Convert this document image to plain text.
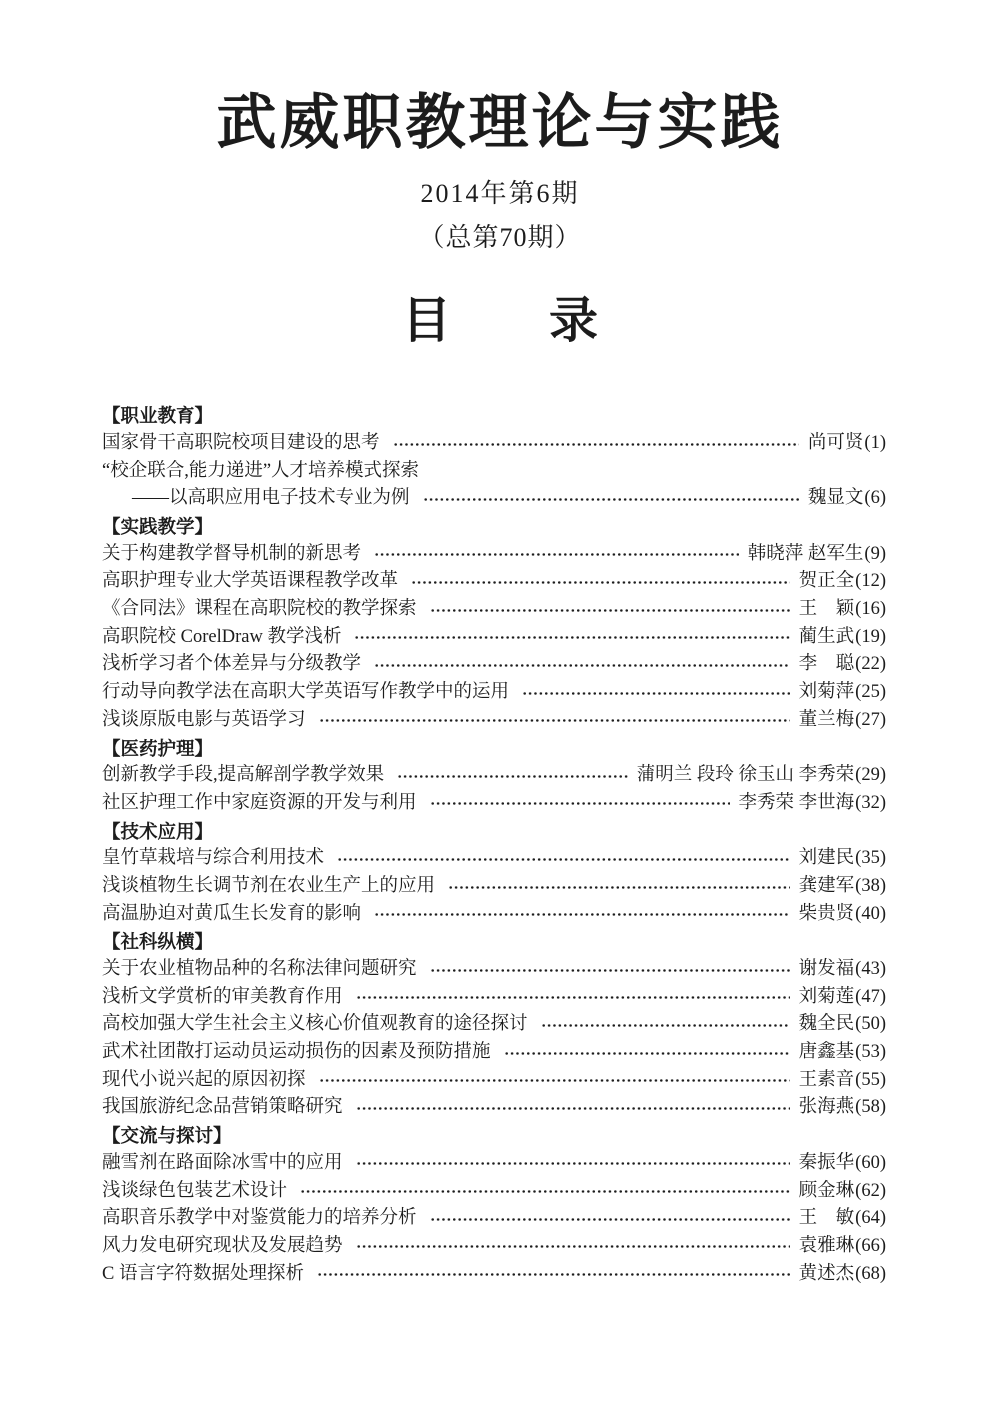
武威职教理论与实践
2014年第6期
（总第70期）
目　　录
【职业教育】
国家骨干高职院校项目建设的思考	尚可贤 (1)
“校企联合,能力递进”人才培养模式探索
——以高职应用电子技术专业为例	魏显文 (6)
【实践教学】
关于构建教学督导机制的新思考	韩晓萍 赵军生 (9)
高职护理专业大学英语课程教学改革	贺正全 (12)
《合同法》课程在高职院校的教学探索	王　颖 (16)
高职院校 CorelDraw 教学浅析	蔺生武 (19)
浅析学习者个体差异与分级教学	李　聪 (22)
行动导向教学法在高职大学英语写作教学中的运用	刘菊萍 (25)
浅谈原版电影与英语学习	董兰梅 (27)
【医药护理】
创新教学手段,提高解剖学教学效果	蒲明兰 段玲 徐玉山 李秀荣 (29)
社区护理工作中家庭资源的开发与利用	李秀荣 李世海 (32)
【技术应用】
皇竹草栽培与综合利用技术	刘建民 (35)
浅谈植物生长调节剂在农业生产上的应用	龚建军 (38)
高温胁迫对黄瓜生长发育的影响	柴贵贤 (40)
【社科纵横】
关于农业植物品种的名称法律问题研究	谢发福 (43)
浅析文学赏析的审美教育作用	刘菊莲 (47)
高校加强大学生社会主义核心价值观教育的途径探讨	魏全民 (50)
武术社团散打运动员运动损伤的因素及预防措施	唐鑫基 (53)
现代小说兴起的原因初探	王素音 (55)
我国旅游纪念品营销策略研究	张海燕 (58)
【交流与探讨】
融雪剂在路面除冰雪中的应用	秦振华 (60)
浅谈绿色包装艺术设计	顾金琳 (62)
高职音乐教学中对鉴赏能力的培养分析	王　敏 (64)
风力发电研究现状及发展趋势	袁雅琳 (66)
C 语言字符数据处理探析	黄述杰 (68)
